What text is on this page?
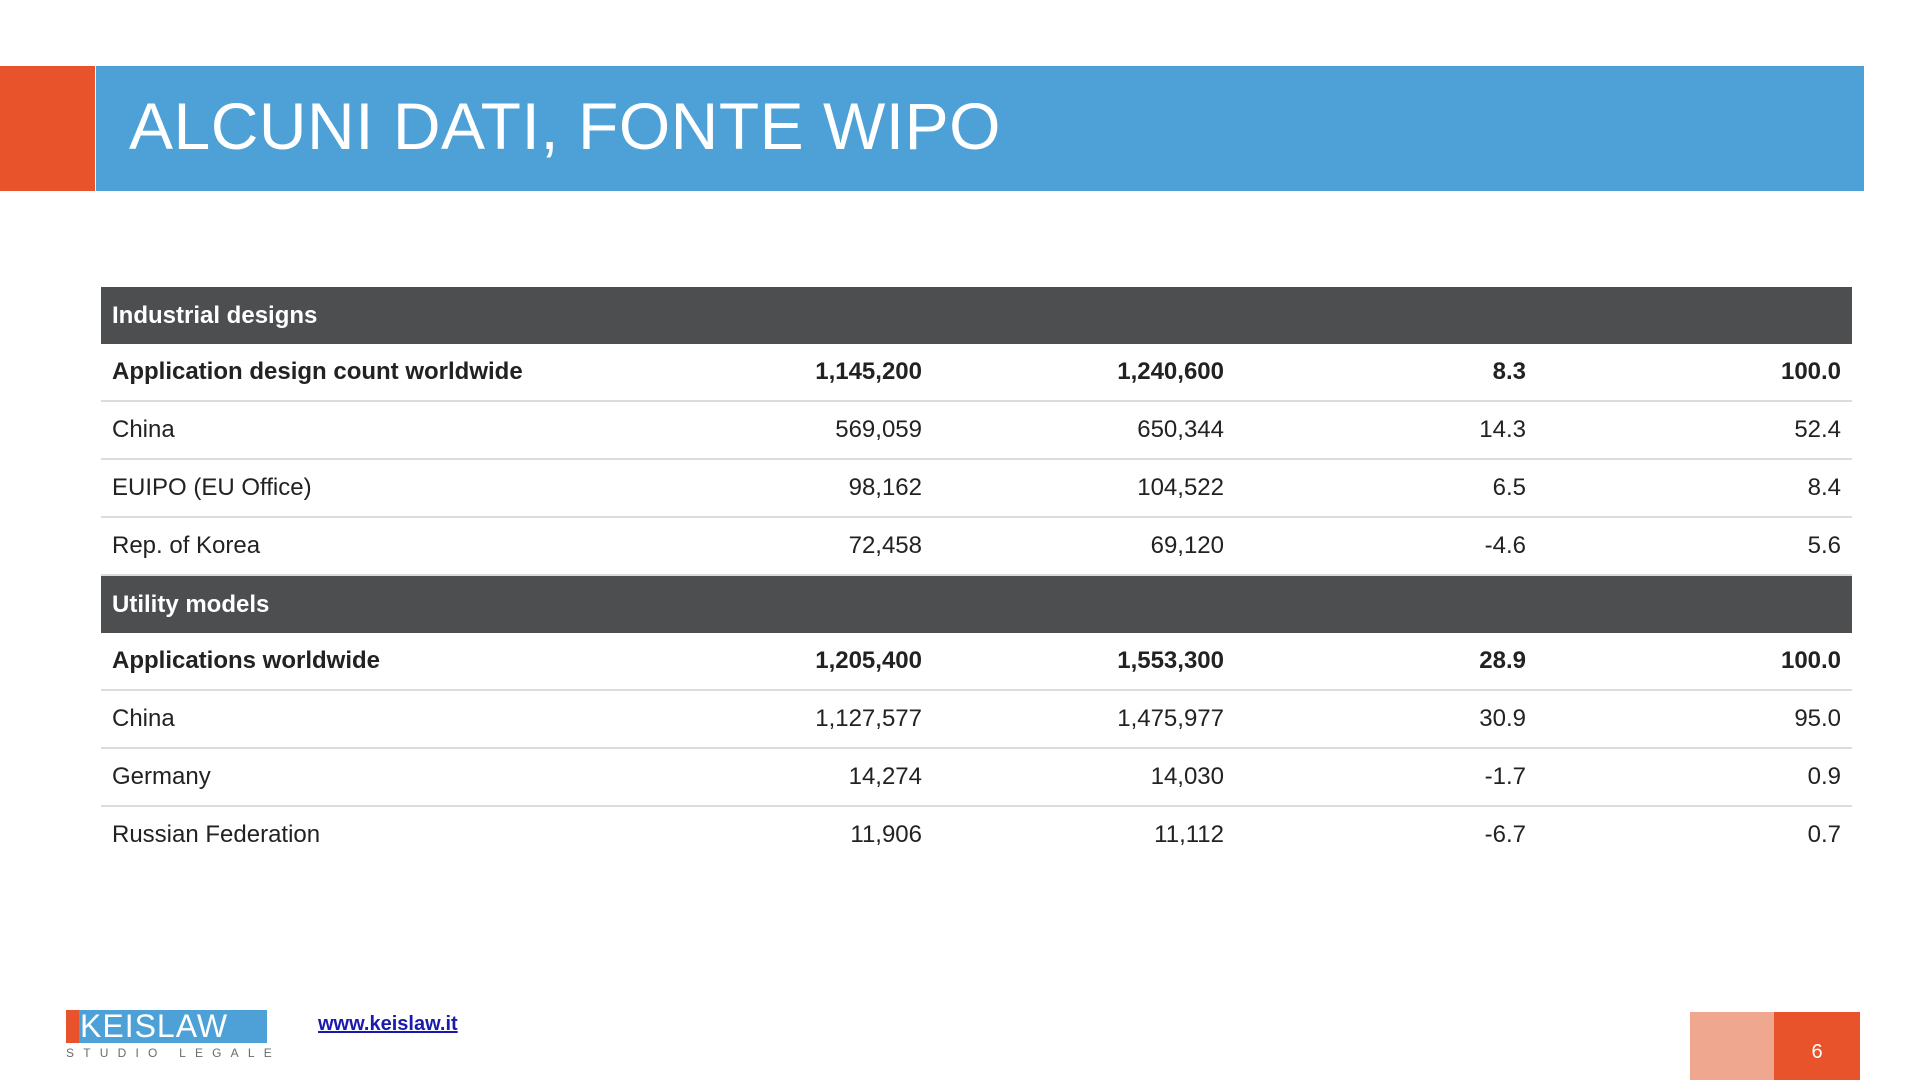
ALCUNI DATI, FONTE WIPO
Industrial designs				
Application design count worldwide	1,145,200	1,240,600	8.3	100.0
China	569,059	650,344	14.3	52.4
EUIPO (EU Office)	98,162	104,522	6.5	8.4
Rep. of Korea	72,458	69,120	-4.6	5.6
Utility models				
Applications worldwide	1,205,400	1,553,300	28.9	100.0
China	1,127,577	1,475,977	30.9	95.0
Germany	14,274	14,030	-1.7	0.9
Russian Federation	11,906	11,112	-6.7	0.7
KEISLAW
STUDIO LEGALE
www.keislaw.it
6
